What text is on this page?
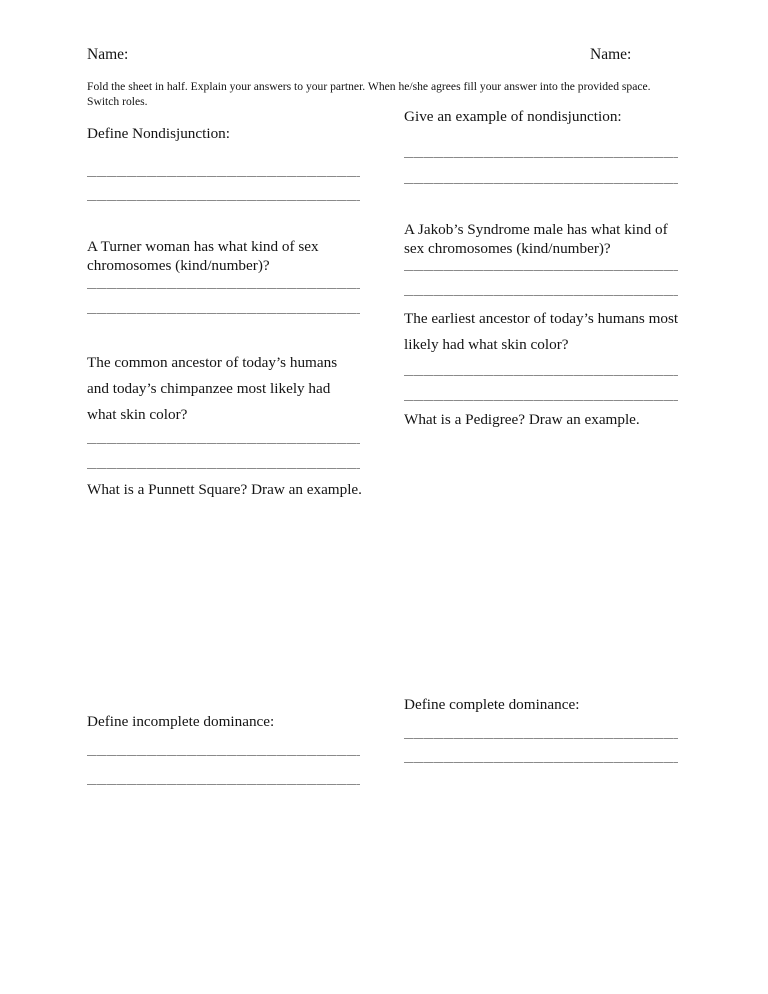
Name:	Name:
Fold the sheet in half. Explain your answers to your partner. When he/she agrees fill your answer into the provided space. Switch roles.
Define Nondisjunction:
A Turner woman has what kind of sex chromosomes (kind/number)?
The common ancestor of today’s humans and today’s chimpanzee most likely had what skin color?
What is a Punnett Square? Draw an example.
Define incomplete dominance:
Give an example of nondisjunction:
A Jakob’s Syndrome male has what kind of sex chromosomes (kind/number)?
The earliest ancestor of today’s humans most likely had what skin color?
What is a Pedigree? Draw an example.
Define complete dominance:
